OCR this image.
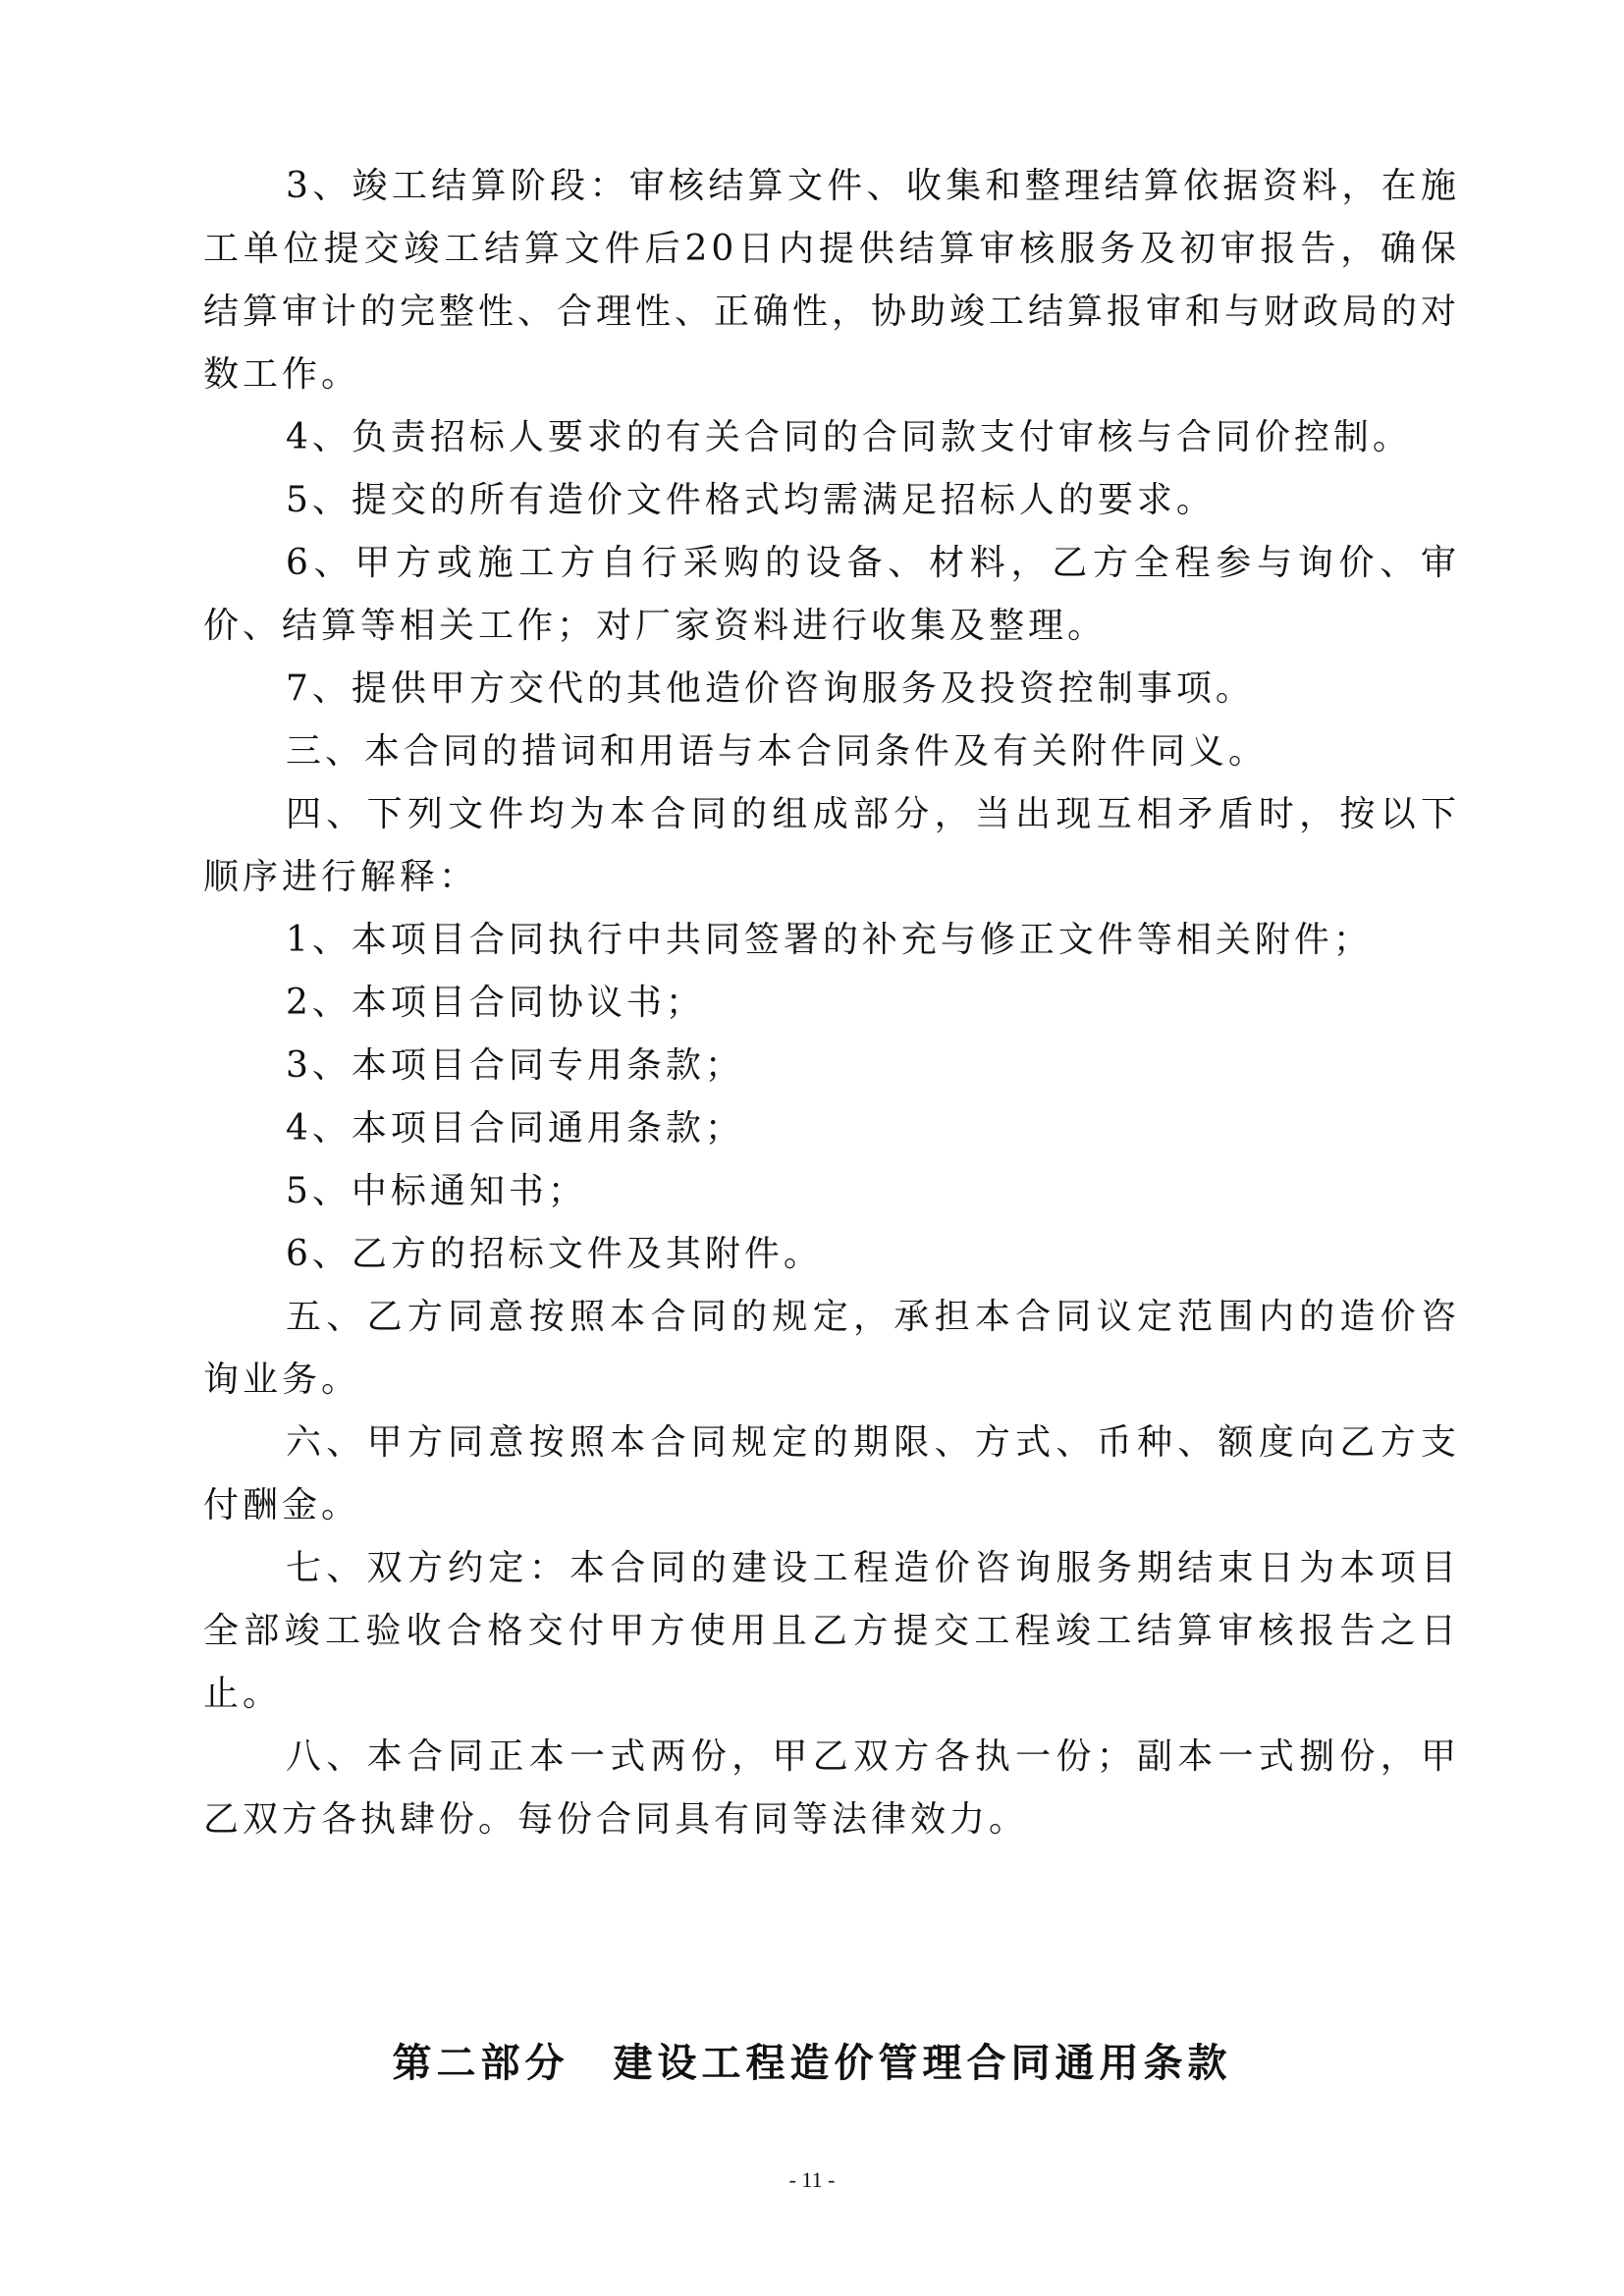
3、竣工结算阶段：审核结算文件、收集和整理结算依据资料，在施工单位提交竣工结算文件后20日内提供结算审核服务及初审报告，确保结算审计的完整性、合理性、正确性，协助竣工结算报审和与财政局的对数工作。

4、负责招标人要求的有关合同的合同款支付审核与合同价控制。

5、提交的所有造价文件格式均需满足招标人的要求。

6、甲方或施工方自行采购的设备、材料，乙方全程参与询价、审价、结算等相关工作；对厂家资料进行收集及整理。

7、提供甲方交代的其他造价咨询服务及投资控制事项。

三、本合同的措词和用语与本合同条件及有关附件同义。

四、下列文件均为本合同的组成部分，当出现互相矛盾时，按以下顺序进行解释：

1、本项目合同执行中共同签署的补充与修正文件等相关附件；

2、本项目合同协议书；

3、本项目合同专用条款；

4、本项目合同通用条款；

5、中标通知书；

6、乙方的招标文件及其附件。

五、乙方同意按照本合同的规定，承担本合同议定范围内的造价咨询业务。

六、甲方同意按照本合同规定的期限、方式、币种、额度向乙方支付酬金。

七、双方约定：本合同的建设工程造价咨询服务期结束日为本项目全部竣工验收合格交付甲方使用且乙方提交工程竣工结算审核报告之日止。

八、本合同正本一式两份，甲乙双方各执一份；副本一式捌份，甲乙双方各执肆份。每份合同具有同等法律效力。

第二部分　建设工程造价管理合同通用条款
- 11 -
